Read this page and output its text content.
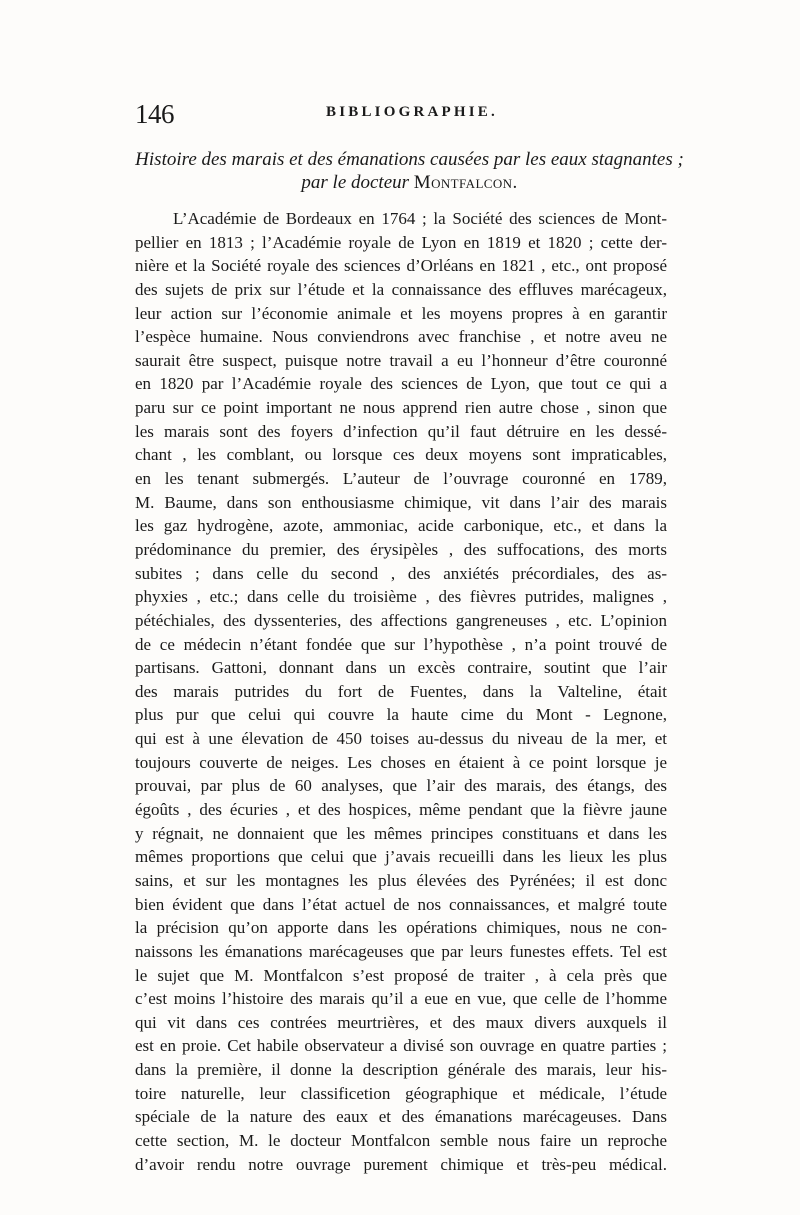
146	BIBLIOGRAPHIE.
Histoire des marais et des émanations causées par les eaux stagnantes ;
par le docteur Montfalcon.
L’Académie de Bordeaux en 1764 ; la Société des sciences de Mont-
pellier en 1813 ; l’Académie royale de Lyon en 1819 et 1820 ; cette der-
nière et la Société royale des sciences d’Orléans en 1821 , etc., ont proposé
des sujets de prix sur l’étude et la connaissance des effluves marécageux,
leur action sur l’économie animale et les moyens propres à en garantir
l’espèce humaine. Nous conviendrons avec franchise , et notre aveu ne
saurait être suspect, puisque notre travail a eu l’honneur d’être couronné
en 1820 par l’Académie royale des sciences de Lyon, que tout ce qui a
paru sur ce point important ne nous apprend rien autre chose , sinon que
les marais sont des foyers d’infection qu’il faut détruire en les dessé-
chant , les comblant, ou lorsque ces deux moyens sont impraticables,
en les tenant submergés. L’auteur de l’ouvrage couronné en 1789,
M. Baume, dans son enthousiasme chimique, vit dans l’air des marais
les gaz hydrogène, azote, ammoniac, acide carbonique, etc., et dans la
prédominance du premier, des érysipèles , des suffocations, des morts
subites ; dans celle du second , des anxiétés précordiales, des as-
phyxies , etc.; dans celle du troisième , des fièvres putrides, malignes ,
pétéchiales, des dyssenteries, des affections gangreneuses , etc. L’opinion
de ce médecin n’étant fondée que sur l’hypothèse , n’a point trouvé de
partisans. Gattoni, donnant dans un excès contraire, soutint que l’air
des marais putrides du fort de Fuentes, dans la Valteline, était
plus pur que celui qui couvre la haute cime du Mont - Legnone,
qui est à une élevation de 450 toises au-dessus du niveau de la mer, et
toujours couverte de neiges. Les choses en étaient à ce point lorsque je
prouvai, par plus de 60 analyses, que l’air des marais, des étangs, des
égoûts , des écuries , et des hospices, même pendant que la fièvre jaune
y régnait, ne donnaient que les mêmes principes constituans et dans les
mêmes proportions que celui que j’avais recueilli dans les lieux les plus
sains, et sur les montagnes les plus élevées des Pyrénées; il est donc
bien évident que dans l’état actuel de nos connaissances, et malgré toute
la précision qu’on apporte dans les opérations chimiques, nous ne con-
naissons les émanations marécageuses que par leurs funestes effets. Tel est
le sujet que M. Montfalcon s’est proposé de traiter , à cela près que
c’est moins l’histoire des marais qu’il a eue en vue, que celle de l’homme
qui vit dans ces contrées meurtrières, et des maux divers auxquels il
est en proie. Cet habile observateur a divisé son ouvrage en quatre parties ;
dans la première, il donne la description générale des marais, leur his-
toire naturelle, leur classificetion géographique et médicale, l’étude
spéciale de la nature des eaux et des émanations marécageuses. Dans
cette section, M. le docteur Montfalcon semble nous faire un reproche
d’avoir rendu notre ouvrage purement chimique et très-peu médical.
